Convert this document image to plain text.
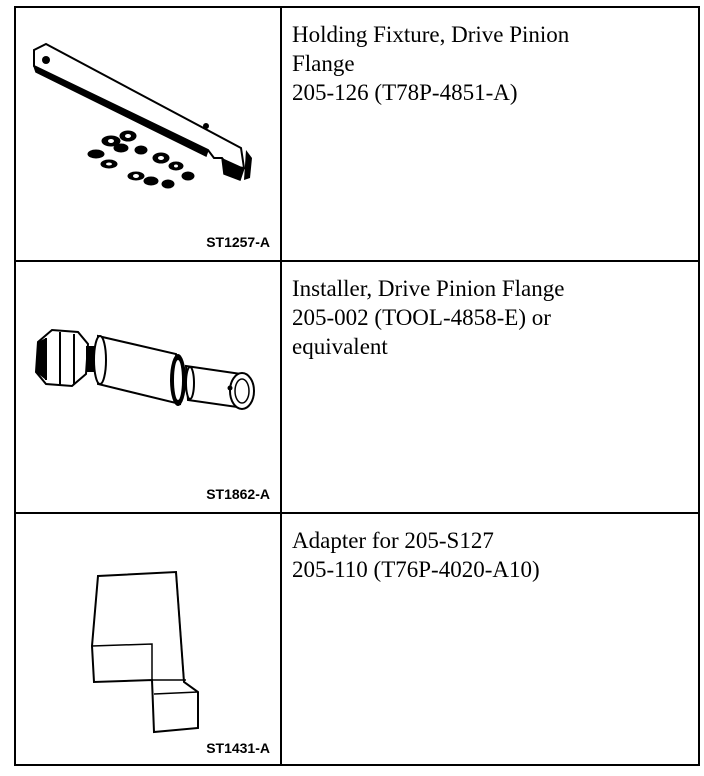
ST1257-A
Holding Fixture, Drive Pinion
Flange
205-126 (T78P-4851-A)
ST1862-A
Installer, Drive Pinion Flange
205-002 (TOOL-4858-E) or
equivalent
ST1431-A
Adapter for 205-S127
205-110 (T76P-4020-A10)
